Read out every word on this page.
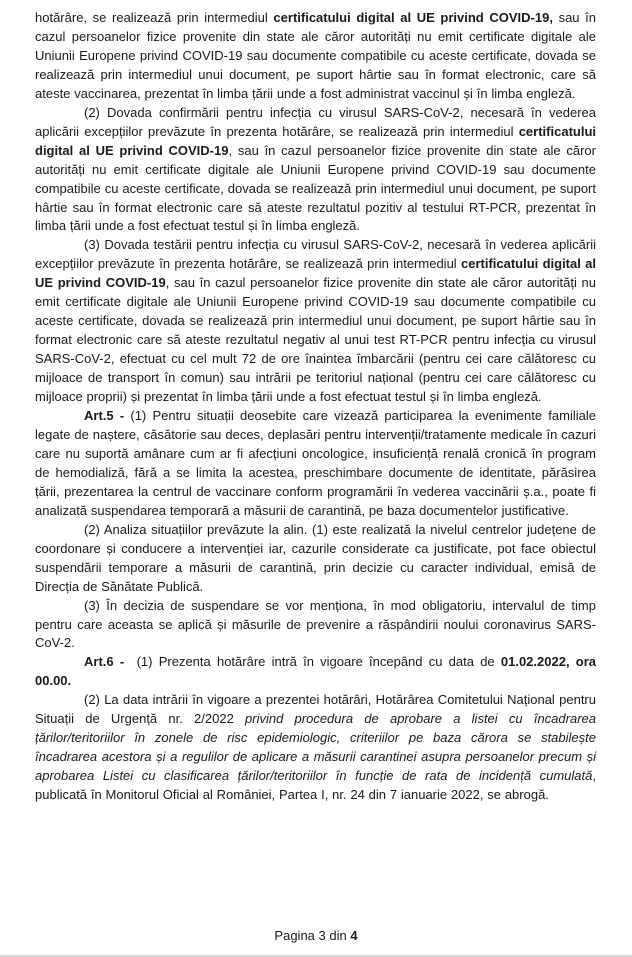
hotărâre, se realizează prin intermediul certificatului digital al UE privind COVID-19, sau în cazul persoanelor fizice provenite din state ale căror autorități nu emit certificate digitale ale Uniunii Europene privind COVID-19 sau documente compatibile cu aceste certificate, dovada se realizează prin intermediul unui document, pe suport hârtie sau în format electronic, care să ateste vaccinarea, prezentat în limba țării unde a fost administrat vaccinul și în limba engleză.

(2) Dovada confirmării pentru infecția cu virusul SARS-CoV-2, necesară în vederea aplicării excepțiilor prevăzute în prezenta hotărâre, se realizează prin intermediul certificatului digital al UE privind COVID-19, sau în cazul persoanelor fizice provenite din state ale căror autorități nu emit certificate digitale ale Uniunii Europene privind COVID-19 sau documente compatibile cu aceste certificate, dovada se realizează prin intermediul unui document, pe suport hârtie sau în format electronic care să ateste rezultatul pozitiv al testului RT-PCR, prezentat în limba țării unde a fost efectuat testul și în limba engleză.

(3) Dovada testării pentru infecția cu virusul SARS-CoV-2, necesară în vederea aplicării excepțiilor prevăzute în prezenta hotărâre, se realizează prin intermediul certificatului digital al UE privind COVID-19, sau în cazul persoanelor fizice provenite din state ale căror autorități nu emit certificate digitale ale Uniunii Europene privind COVID-19 sau documente compatibile cu aceste certificate, dovada se realizează prin intermediul unui document, pe suport hârtie sau în format electronic care să ateste rezultatul negativ al unui test RT-PCR pentru infecția cu virusul SARS-CoV-2, efectuat cu cel mult 72 de ore înaintea îmbarcării (pentru cei care călătoresc cu mijloace de transport în comun) sau intrării pe teritoriul național (pentru cei care călătoresc cu mijloace proprii) și prezentat în limba țării unde a fost efectuat testul și în limba engleză.

Art.5 - (1) Pentru situații deosebite care vizează participarea la evenimente familiale legate de naștere, căsătorie sau deces, deplasări pentru intervenții/tratamente medicale în cazuri care nu suportă amânare cum ar fi afecțiuni oncologice, insuficiență renală cronică în program de hemodializă, fără a se limita la acestea, preschimbare documente de identitate, părăsirea țării, prezentarea la centrul de vaccinare conform programării în vederea vaccinării ș.a., poate fi analizată suspendarea temporară a măsurii de carantină, pe baza documentelor justificative.

(2) Analiza situațiilor prevăzute la alin. (1) este realizată la nivelul centrelor județene de coordonare și conducere a intervenției iar, cazurile considerate ca justificate, pot face obiectul suspendării temporare a măsurii de carantină, prin decizie cu caracter individual, emisă de Direcția de Sănătate Publică.

(3) În decizia de suspendare se vor menționa, în mod obligatoriu, intervalul de timp pentru care aceasta se aplică și măsurile de prevenire a răspândirii noului coronavirus SARS-CoV-2.

Art.6 -  (1) Prezenta hotărâre intră în vigoare începând cu data de 01.02.2022, ora 00.00.

(2) La data intrării în vigoare a prezentei hotărâri, Hotărârea Comitetului Național pentru Situații de Urgență nr. 2/2022 privind procedura de aprobare a listei cu încadrarea țărilor/teritoriilor în zonele de risc epidemiologic, criteriilor pe baza cărora se stabilește încadrarea acestora și a regulilor de aplicare a măsurii carantinei asupra persoanelor precum și aprobarea Listei cu clasificarea țărilor/teritoriilor în funcție de rata de incidență cumulată, publicată în Monitorul Oficial al României, Partea I, nr. 24 din 7 ianuarie 2022, se abrogă.

Pagina 3 din 4
